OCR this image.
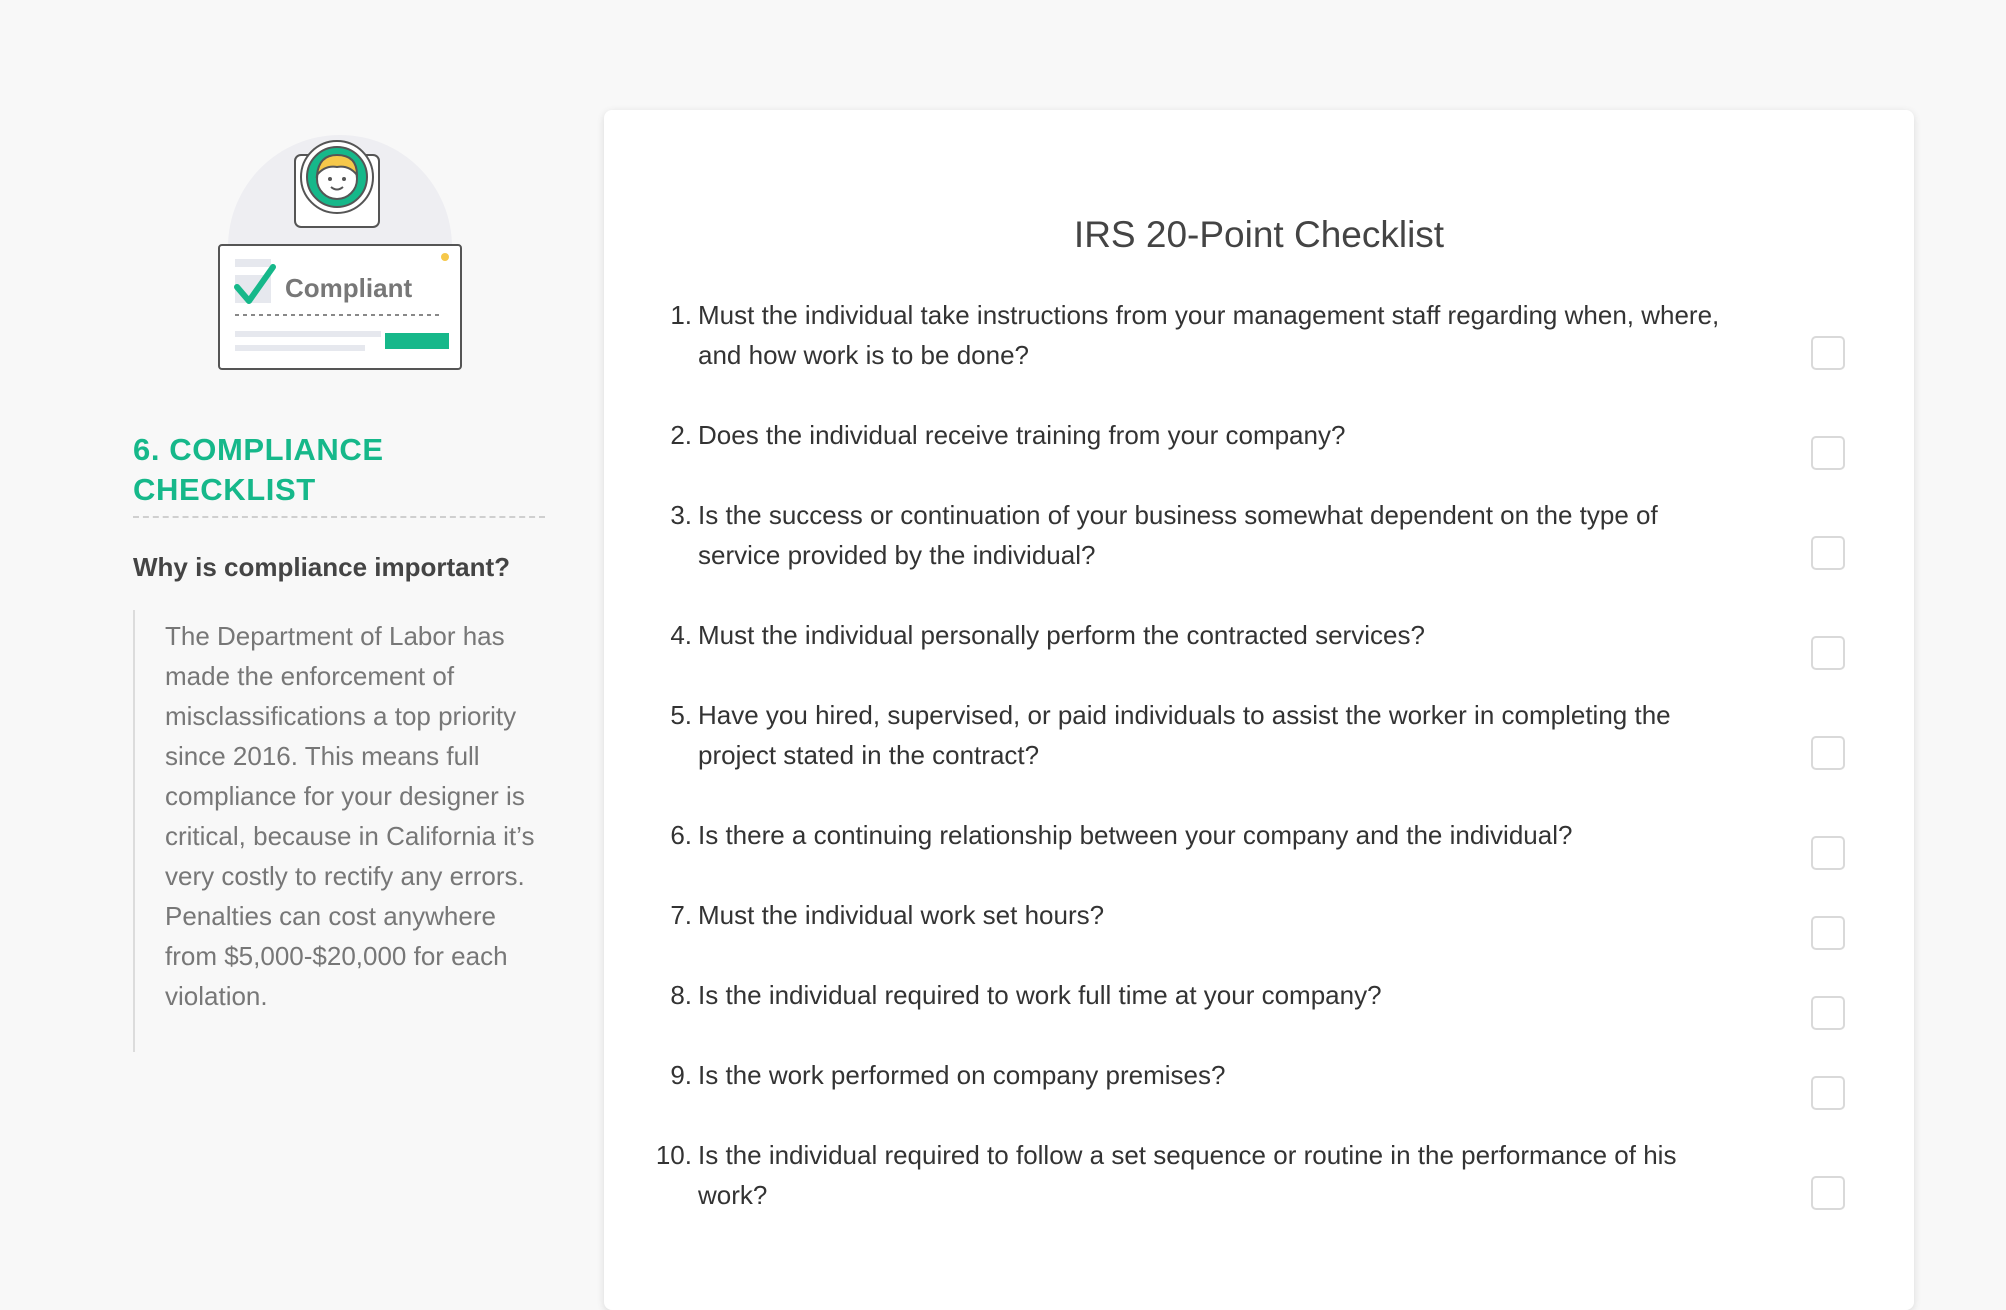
Compliant
6. COMPLIANCE CHECKLIST
Why is compliance important?

The Department of Labor has made the enforcement of misclassifications a top priority since 2016. This means full compliance for your designer is critical, because in California it’s very costly to rectify any errors. Penalties can cost anywhere from $5,000-$20,000 for each violation.

IRS 20-Point Checklist
1. Must the individual take instructions from your management staff regarding when, where, and how work is to be done?
2. Does the individual receive training from your company?
3. Is the success or continuation of your business somewhat dependent on the type of service provided by the individual?
4. Must the individual personally perform the contracted services?
5. Have you hired, supervised, or paid individuals to assist the worker in completing the project stated in the contract?
6. Is there a continuing relationship between your company and the individual?
7. Must the individual work set hours?
8. Is the individual required to work full time at your company?
9. Is the work performed on company premises?
10. Is the individual required to follow a set sequence or routine in the performance of his work?
